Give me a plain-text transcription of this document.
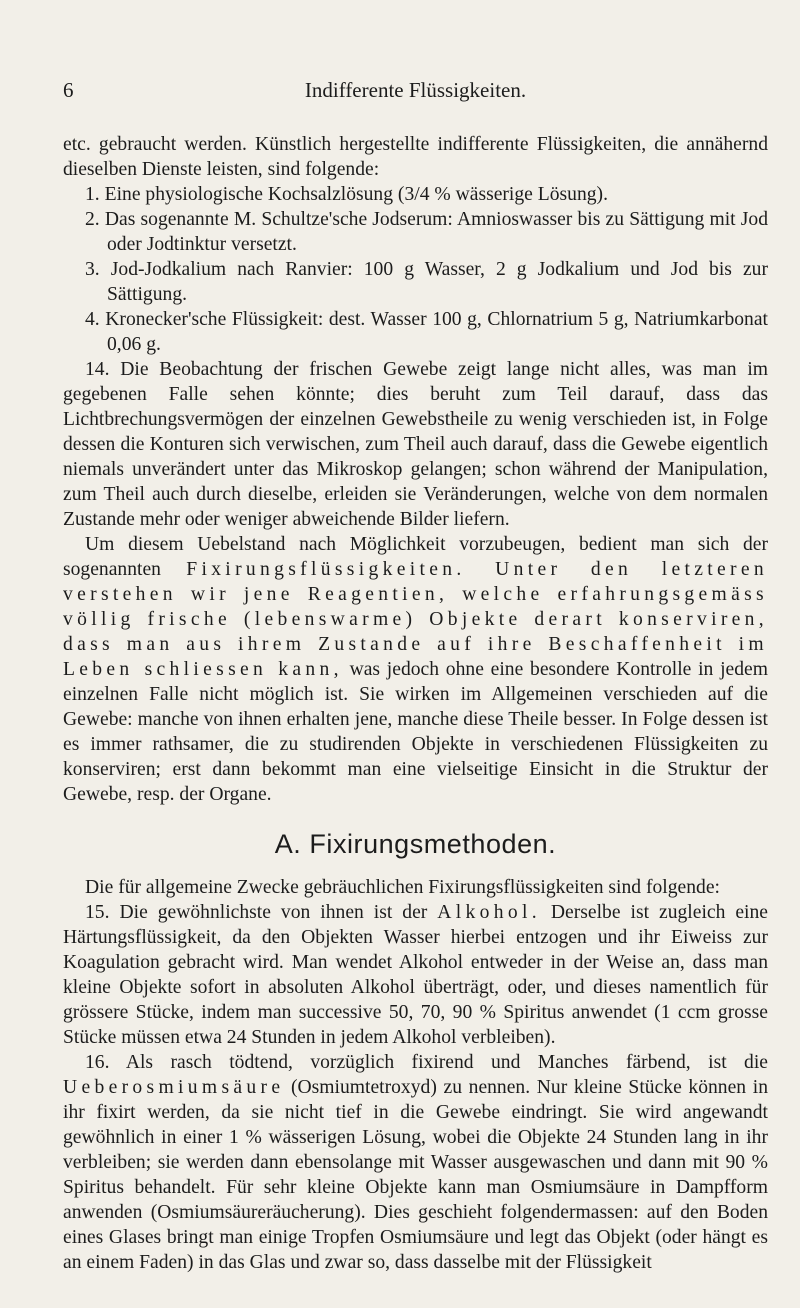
6	Indifferente Flüssigkeiten.

etc. gebraucht werden. Künstlich hergestellte indifferente Flüssigkeiten, die annähernd dieselben Dienste leisten, sind folgende:

1. Eine physiologische Kochsalzlösung (3/4 % wässerige Lösung).

2. Das sogenannte M. Schultze'sche Jodserum: Amnioswasser bis zu Sättigung mit Jod oder Jodtinktur versetzt.

3. Jod-Jodkalium nach Ranvier: 100 g Wasser, 2 g Jodkalium und Jod bis zur Sättigung.

4. Kronecker'sche Flüssigkeit: dest. Wasser 100 g, Chlornatrium 5 g, Natriumkarbonat 0,06 g.

14. Die Beobachtung der frischen Gewebe zeigt lange nicht alles, was man im gegebenen Falle sehen könnte; dies beruht zum Teil darauf, dass das Lichtbrechungsvermögen der einzelnen Gewebstheile zu wenig verschieden ist, in Folge dessen die Konturen sich verwischen, zum Theil auch darauf, dass die Gewebe eigentlich niemals unverändert unter das Mikroskop gelangen; schon während der Manipulation, zum Theil auch durch dieselbe, erleiden sie Veränderungen, welche von dem normalen Zustande mehr oder weniger abweichende Bilder liefern.

Um diesem Uebelstand nach Möglichkeit vorzubeugen, bedient man sich der sogenannten Fixirungsflüssigkeiten. Unter den letzteren verstehen wir jene Reagentien, welche erfahrungsgemäss völlig frische (lebenswarme) Objekte derart konserviren, dass man aus ihrem Zustande auf ihre Beschaffenheit im Leben schliessen kann, was jedoch ohne eine besondere Kontrolle in jedem einzelnen Falle nicht möglich ist. Sie wirken im Allgemeinen verschieden auf die Gewebe: manche von ihnen erhalten jene, manche diese Theile besser. In Folge dessen ist es immer rathsamer, die zu studirenden Objekte in verschiedenen Flüssigkeiten zu konserviren; erst dann bekommt man eine vielseitige Einsicht in die Struktur der Gewebe, resp. der Organe.

A. Fixirungsmethoden.

Die für allgemeine Zwecke gebräuchlichen Fixirungsflüssigkeiten sind folgende:

15. Die gewöhnlichste von ihnen ist der Alkohol. Derselbe ist zugleich eine Härtungsflüssigkeit, da den Objekten Wasser hierbei entzogen und ihr Eiweiss zur Koagulation gebracht wird. Man wendet Alkohol entweder in der Weise an, dass man kleine Objekte sofort in absoluten Alkohol überträgt, oder, und dieses namentlich für grössere Stücke, indem man successive 50, 70, 90 % Spiritus anwendet (1 ccm grosse Stücke müssen etwa 24 Stunden in jedem Alkohol verbleiben).

16. Als rasch tödtend, vorzüglich fixirend und Manches färbend, ist die Ueberosmiumsäure (Osmiumtetroxyd) zu nennen. Nur kleine Stücke können in ihr fixirt werden, da sie nicht tief in die Gewebe eindringt. Sie wird angewandt gewöhnlich in einer 1 % wässerigen Lösung, wobei die Objekte 24 Stunden lang in ihr verbleiben; sie werden dann ebensolange mit Wasser ausgewaschen und dann mit 90 % Spiritus behandelt. Für sehr kleine Objekte kann man Osmiumsäure in Dampfform anwenden (Osmiumsäureräucherung). Dies geschieht folgendermassen: auf den Boden eines Glases bringt man einige Tropfen Osmiumsäure und legt das Objekt (oder hängt es an einem Faden) in das Glas und zwar so, dass dasselbe mit der Flüssigkeit
